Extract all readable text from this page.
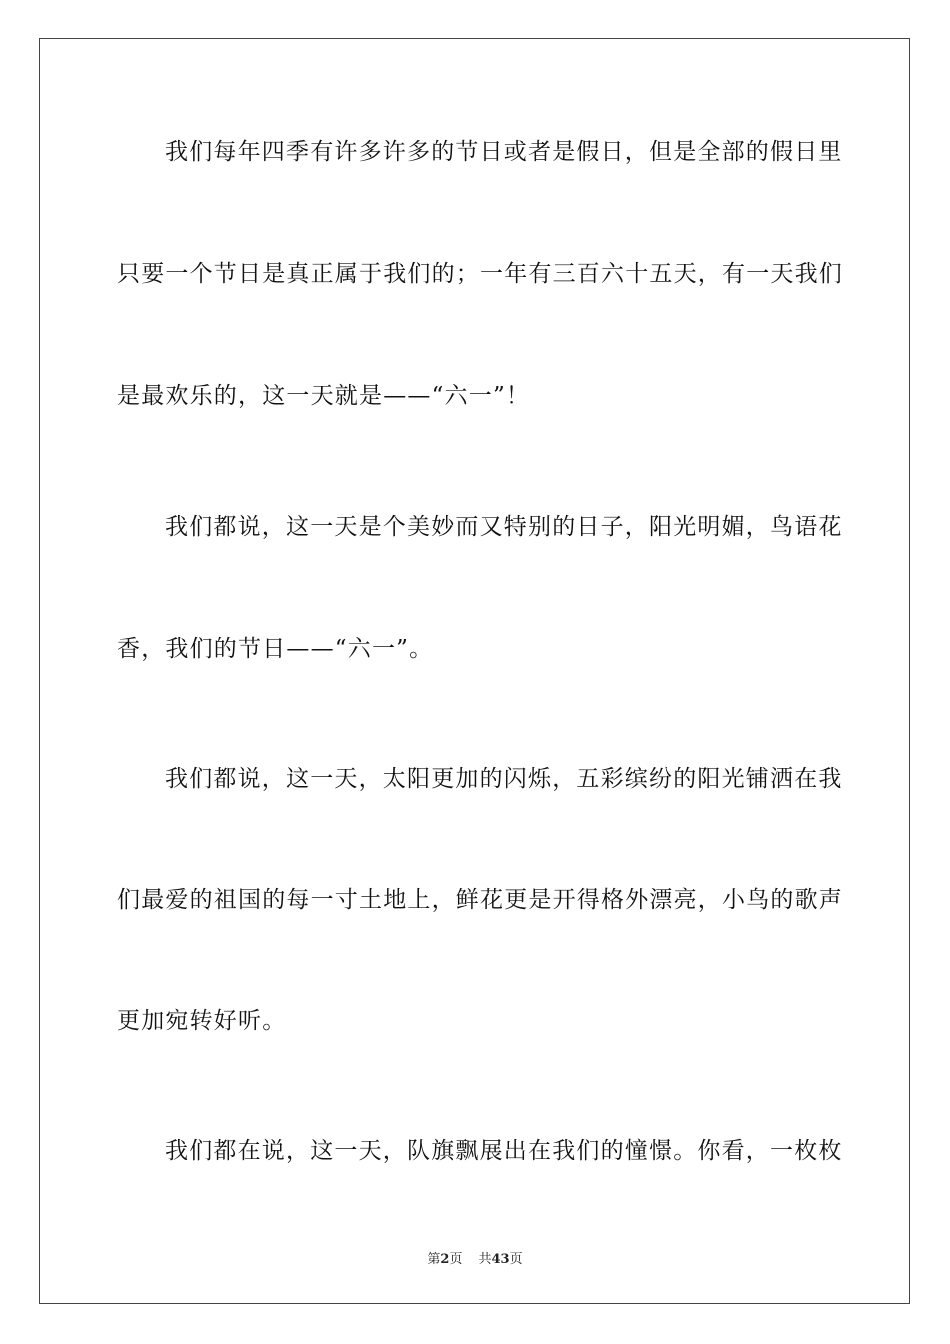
我们每年四季有许多许多的节日或者是假日，但是全部的假日里
只要一个节日是真正属于我们的；一年有三百六十五天，有一天我们
是最欢乐的，这一天就是——“六一”！
我们都说，这一天是个美妙而又特别的日子，阳光明媚，鸟语花
香，我们的节日——“六一”。
我们都说，这一天，太阳更加的闪烁，五彩缤纷的阳光铺洒在我
们最爱的祖国的每一寸土地上，鲜花更是开得格外漂亮，小鸟的歌声
更加宛转好听。
我们都在说，这一天，队旗飘展出在我们的憧憬。你看，一枚枚
第2页 共43页
